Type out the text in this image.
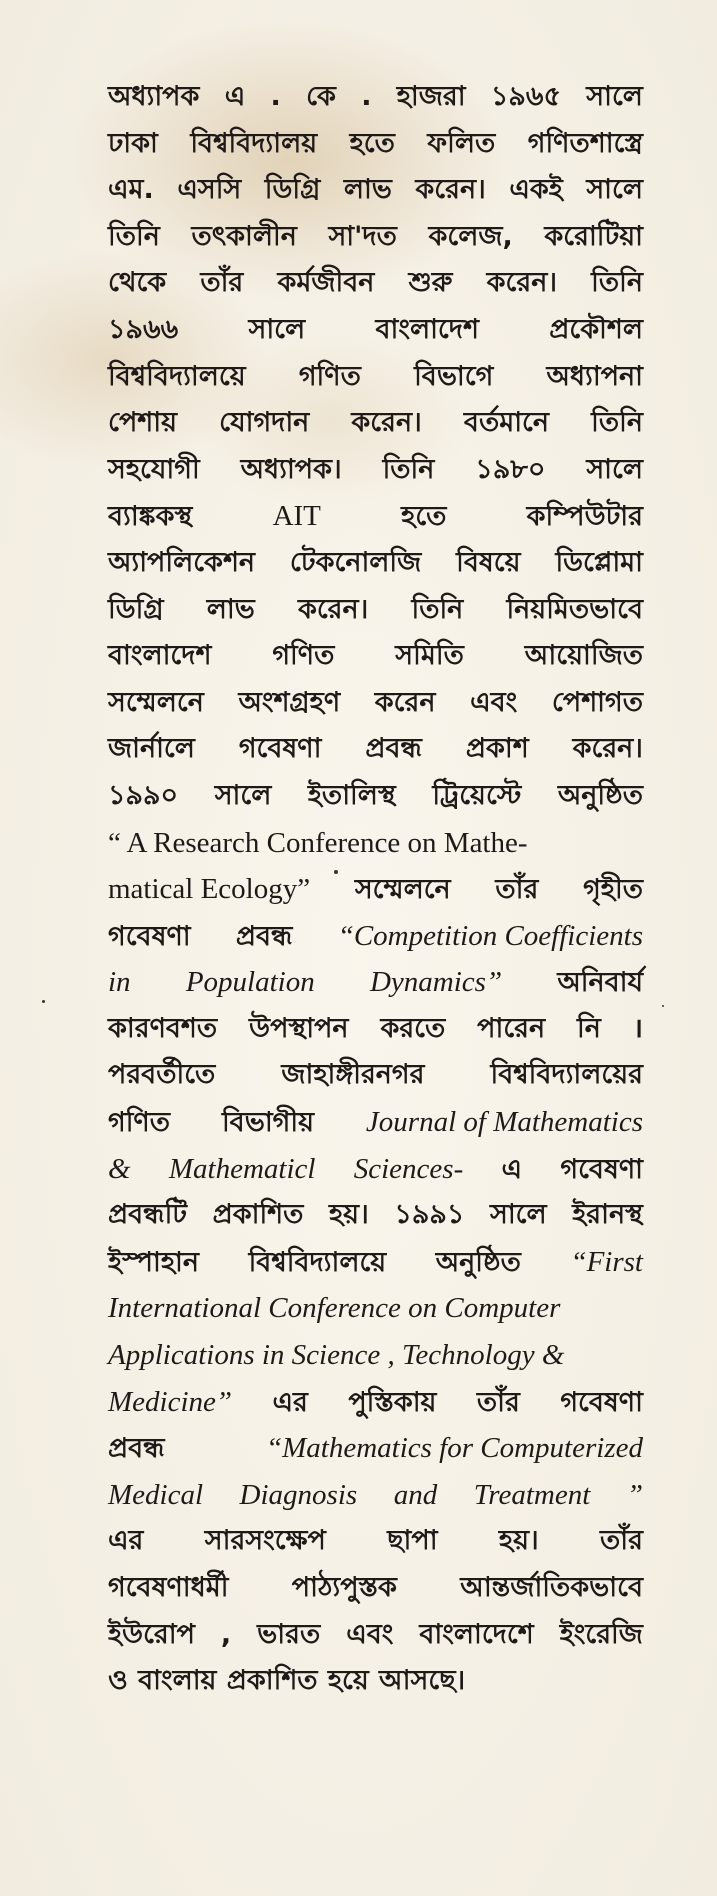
অধ্যাপক এ . কে . হাজরা ১৯৬৫ সালে
ঢাকা বিশ্ববিদ্যালয় হতে ফলিত গণিতশাস্ত্রে
এম. এসসি ডিগ্রি লাভ করেন। একই সালে
তিনি তৎকালীন সা'দত কলেজ, করোটিয়া
থেকে তাঁর কর্মজীবন শুরু করেন। তিনি
১৯৬৬	সালে	বাংলাদেশ	প্রকৌশল
বিশ্ববিদ্যালয়ে গণিত বিভাগে অধ্যাপনা
পেশায় যোগদান করেন। বর্তমানে তিনি
সহযোগী অধ্যাপক। তিনি ১৯৮০ সালে
ব্যাঙ্ককস্থ	AIT	হতে	কম্পিউটার
অ্যাপলিকেশন টেকনোলজি বিষয়ে ডিপ্লোমা
ডিগ্রি লাভ করেন। তিনি নিয়মিতভাবে
বাংলাদেশ গণিত সমিতি আয়োজিত
সম্মেলনে অংশগ্রহণ করেন এবং পেশাগত
জার্নালে গবেষণা প্রবন্ধ প্রকাশ করেন।
১৯৯০ সালে ইতালিস্থ ট্রিয়েস্টে অনুষ্ঠিত
“ A Research Conference on Mathe-
matical Ecology” সম্মেলনে তাঁর গৃহীত
গবেষণা প্রবন্ধ “Competition Coefficients
in Population Dynamics” অনিবার্য
কারণবশত উপস্থাপন করতে পারেন নি ।
পরবর্তীতে জাহাঙ্গীরনগর বিশ্ববিদ্যালয়ের
গণিত বিভাগীয় Journal of Mathematics
& Mathematicl Sciences- এ গবেষণা
প্রবন্ধটি প্রকাশিত হয়। ১৯৯১ সালে ইরানস্থ
ইস্পাহান বিশ্ববিদ্যালয়ে অনুষ্ঠিত “First
International Conference on Computer
Applications in Science , Technology &
Medicine” এর পুস্তিকায় তাঁর গবেষণা
প্রবন্ধ	“Mathematics for Computerized
Medical Diagnosis and Treatment ”
এর সারসংক্ষেপ ছাপা হয়। তাঁর
গবেষণাধর্মী পাঠ্যপুস্তক আন্তর্জাতিকভাবে
ইউরোপ , ভারত এবং বাংলাদেশে ইংরেজি
ও বাংলায় প্রকাশিত হয়ে আসছে।
